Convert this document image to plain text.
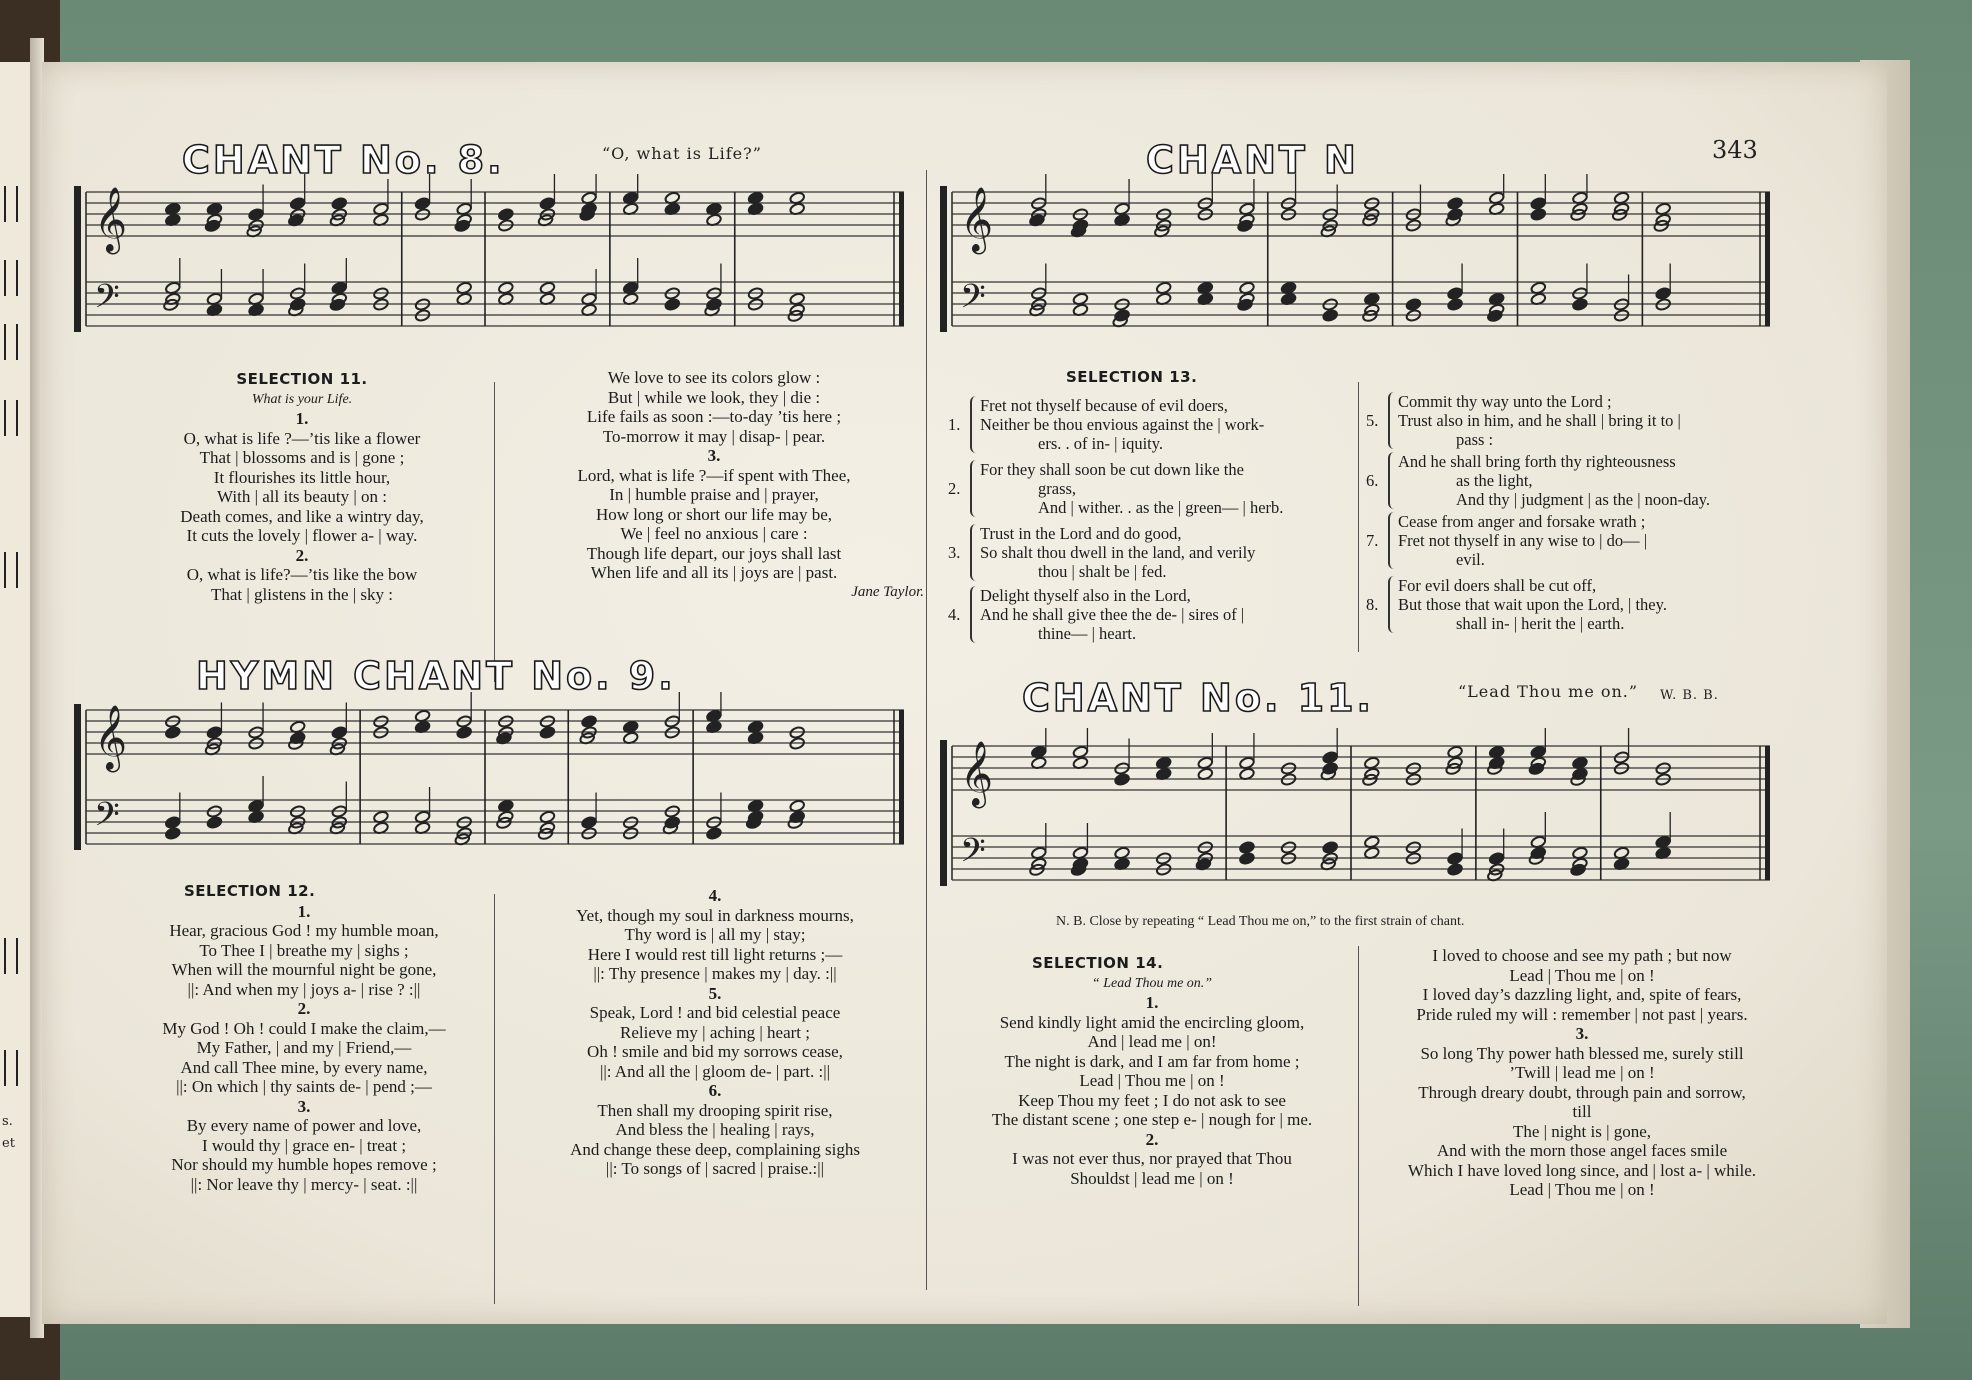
s.
et
CHANT No. 8.	“O, what is Life?”
𝄞
𝄢
SELECTION 11.
What is your Life.
1.
O, what is life ?—’tis like a flower
That | blossoms and is | gone ;
It flourishes its little hour,
With | all its beauty | on :
Death comes, and like a wintry day,
It cuts the lovely | flower a- | way.
2.
O, what is life?—’tis like the bow
That | glistens in the | sky :
We love to see its colors glow :
But | while we look, they | die :
Life fails as soon :—to-day ’tis here ;
To-morrow it may | disap- | pear.
3.
Lord, what is life ?—if spent with Thee,
In | humble praise and | prayer,
How long or short our life may be,
We | feel no anxious | care :
Though life depart, our joys shall last
When life and all its | joys are | past.
Jane Taylor.
HYMN CHANT No. 9.
𝄞
𝄢
SELECTION 12.
1.
Hear, gracious God ! my humble moan,
To Thee I | breathe my | sighs ;
When will the mournful night be gone,
||: And when my | joys a- | rise ? :||
2.
My God ! Oh ! could I make the claim,—
My Father, | and my | Friend,—
And call Thee mine, by every name,
||: On which | thy saints de- | pend ;—
3.
By every name of power and love,
I would thy | grace en- | treat ;
Nor should my humble hopes remove ;
||: Nor leave thy | mercy- | seat. :||
4.
Yet, though my soul in darkness mourns,
Thy word is | all my | stay;
Here I would rest till light returns ;—
||: Thy presence | makes my | day. :||
5.
Speak, Lord ! and bid celestial peace
Relieve my | aching | heart ;
Oh ! smile and bid my sorrows cease,
||: And all the | gloom de- | part. :||
6.
Then shall my drooping spirit rise,
And bless the | healing | rays,
And change these deep, complaining sighs
||: To songs of | sacred | praise.:||
CHANT N	343
𝄞
𝄢
SELECTION 13.
1.
Fret not thyself because of evil doers,
Neither be thou envious against the | work-
ers. . of in- | iquity.
2.
For they shall soon be cut down like the
grass,
And | wither. . as the | green— | herb.
3.
Trust in the Lord and do good,
So shalt thou dwell in the land, and verily
thou | shalt be | fed.
4.
Delight thyself also in the Lord,
And he shall give thee the de- | sires of |
thine— | heart.
5.
Commit thy way unto the Lord ;
Trust also in him, and he shall | bring it to |
pass :
6.
And he shall bring forth thy righteousness
as the light,
And thy | judgment | as the | noon-day.
7.
Cease from anger and forsake wrath ;
Fret not thyself in any wise to | do— |
evil.
8.
For evil doers shall be cut off,
But those that wait upon the Lord, | they.
shall in- | herit the | earth.
CHANT No. 11.	“Lead Thou me on.” W. B. B.
𝄞
𝄢
N. B. Close by repeating “ Lead Thou me on,” to the first strain of chant.
SELECTION 14.
“ Lead Thou me on.”
1.
Send kindly light amid the encircling gloom,
And | lead me | on!
The night is dark, and I am far from home ;
Lead | Thou me | on !
Keep Thou my feet ; I do not ask to see
The distant scene ; one step e- | nough for | me.
2.
I was not ever thus, nor prayed that Thou
Shouldst | lead me | on !
I loved to choose and see my path ; but now
Lead | Thou me | on !
I loved day’s dazzling light, and, spite of fears,
Pride ruled my will : remember | not past | years.
3.
So long Thy power hath blessed me, surely still
’Twill | lead me | on !
Through dreary doubt, through pain and sorrow,
till
The | night is | gone,
And with the morn those angel faces smile
Which I have loved long since, and | lost a- | while.
Lead | Thou me | on !
